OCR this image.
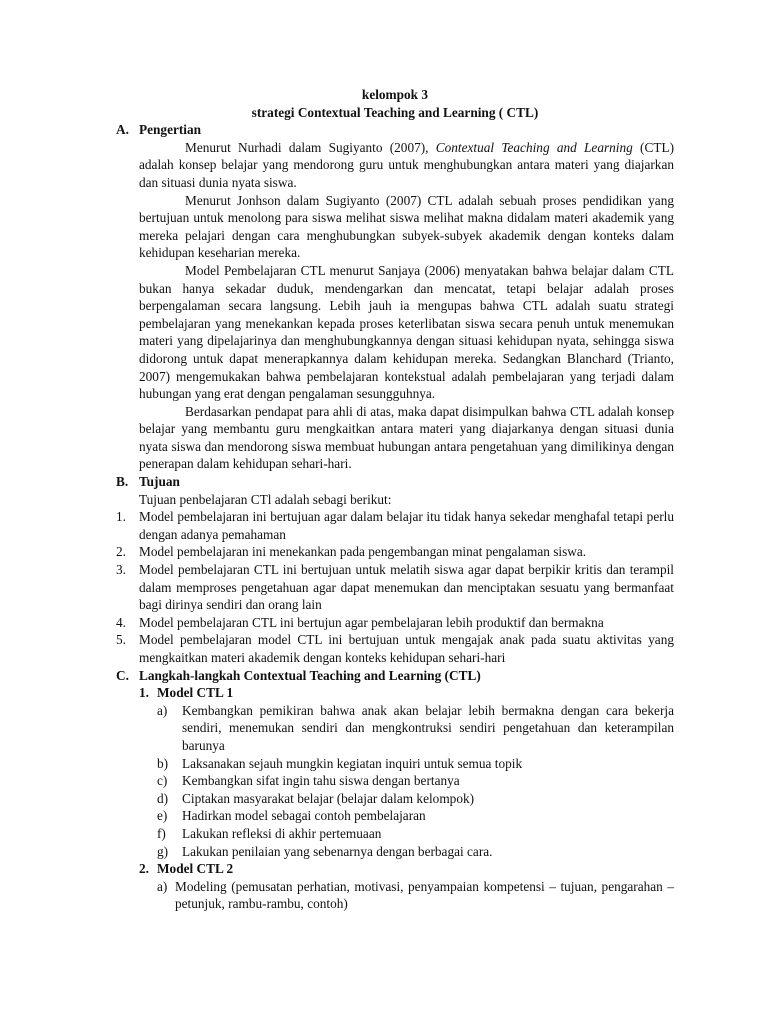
kelompok 3
strategi Contextual Teaching and Learning ( CTL)
A. Pengertian

Menurut Nurhadi dalam Sugiyanto (2007), Contextual Teaching and Learning (CTL) adalah konsep belajar yang mendorong guru untuk menghubungkan antara materi yang diajarkan dan situasi dunia nyata siswa.

Menurut Jonhson dalam Sugiyanto (2007) CTL adalah sebuah proses pendidikan yang bertujuan untuk menolong para siswa melihat siswa melihat makna didalam materi akademik yang mereka pelajari dengan cara menghubungkan subyek-subyek akademik dengan konteks dalam kehidupan keseharian mereka.

Model Pembelajaran CTL menurut Sanjaya (2006) menyatakan bahwa belajar dalam CTL bukan hanya sekadar duduk, mendengarkan dan mencatat, tetapi belajar adalah proses berpengalaman secara langsung. Lebih jauh ia mengupas bahwa CTL adalah suatu strategi pembelajaran yang menekankan kepada proses keterlibatan siswa secara penuh untuk menemukan materi yang dipelajarinya dan menghubungkannya dengan situasi kehidupan nyata, sehingga siswa didorong untuk dapat menerapkannya dalam kehidupan mereka. Sedangkan Blanchard (Trianto, 2007) mengemukakan bahwa pembelajaran kontekstual adalah pembelajaran yang terjadi dalam hubungan yang erat dengan pengalaman sesungguhnya.

Berdasarkan pendapat para ahli di atas, maka dapat disimpulkan bahwa CTL adalah konsep belajar yang membantu guru mengkaitkan antara materi yang diajarkanya dengan situasi dunia nyata siswa dan mendorong siswa membuat hubungan antara pengetahuan yang dimilikinya dengan penerapan dalam kehidupan sehari-hari.

B. Tujuan

Tujuan penbelajaran CTl adalah sebagi berikut:

1. Model pembelajaran ini bertujuan agar dalam belajar itu tidak hanya sekedar menghafal tetapi perlu dengan adanya pemahaman
2. Model pembelajaran ini menekankan pada pengembangan minat pengalaman siswa.
3. Model pembelajaran CTL ini bertujuan untuk melatih siswa agar dapat berpikir kritis dan terampil dalam memproses pengetahuan agar dapat menemukan dan menciptakan sesuatu yang bermanfaat bagi dirinya sendiri dan orang lain
4. Model pembelajaran CTL ini bertujun agar pembelajaran lebih produktif dan bermakna
5. Model pembelajaran model CTL ini bertujuan untuk mengajak anak pada suatu aktivitas yang mengkaitkan materi akademik dengan konteks kehidupan sehari-hari
C. Langkah-langkah Contextual Teaching and Learning (CTL)
1. Model CTL 1
a)	Kembangkan pemikiran bahwa anak akan belajar lebih bermakna dengan cara bekerja sendiri, menemukan sendiri dan mengkontruksi sendiri pengetahuan dan keterampilan barunya
b)	Laksanakan sejauh mungkin kegiatan inquiri untuk semua topik
c)	Kembangkan sifat ingin tahu siswa dengan bertanya
d)	Ciptakan masyarakat belajar (belajar dalam kelompok)
e)	Hadirkan model sebagai contoh pembelajaran
f)	Lakukan refleksi di akhir pertemuaan
g)	Lakukan penilaian yang sebenarnya dengan berbagai cara.
2. Model CTL 2
a) Modeling (pemusatan perhatian, motivasi, penyampaian kompetensi – tujuan, pengarahan – petunjuk, rambu-rambu, contoh)
